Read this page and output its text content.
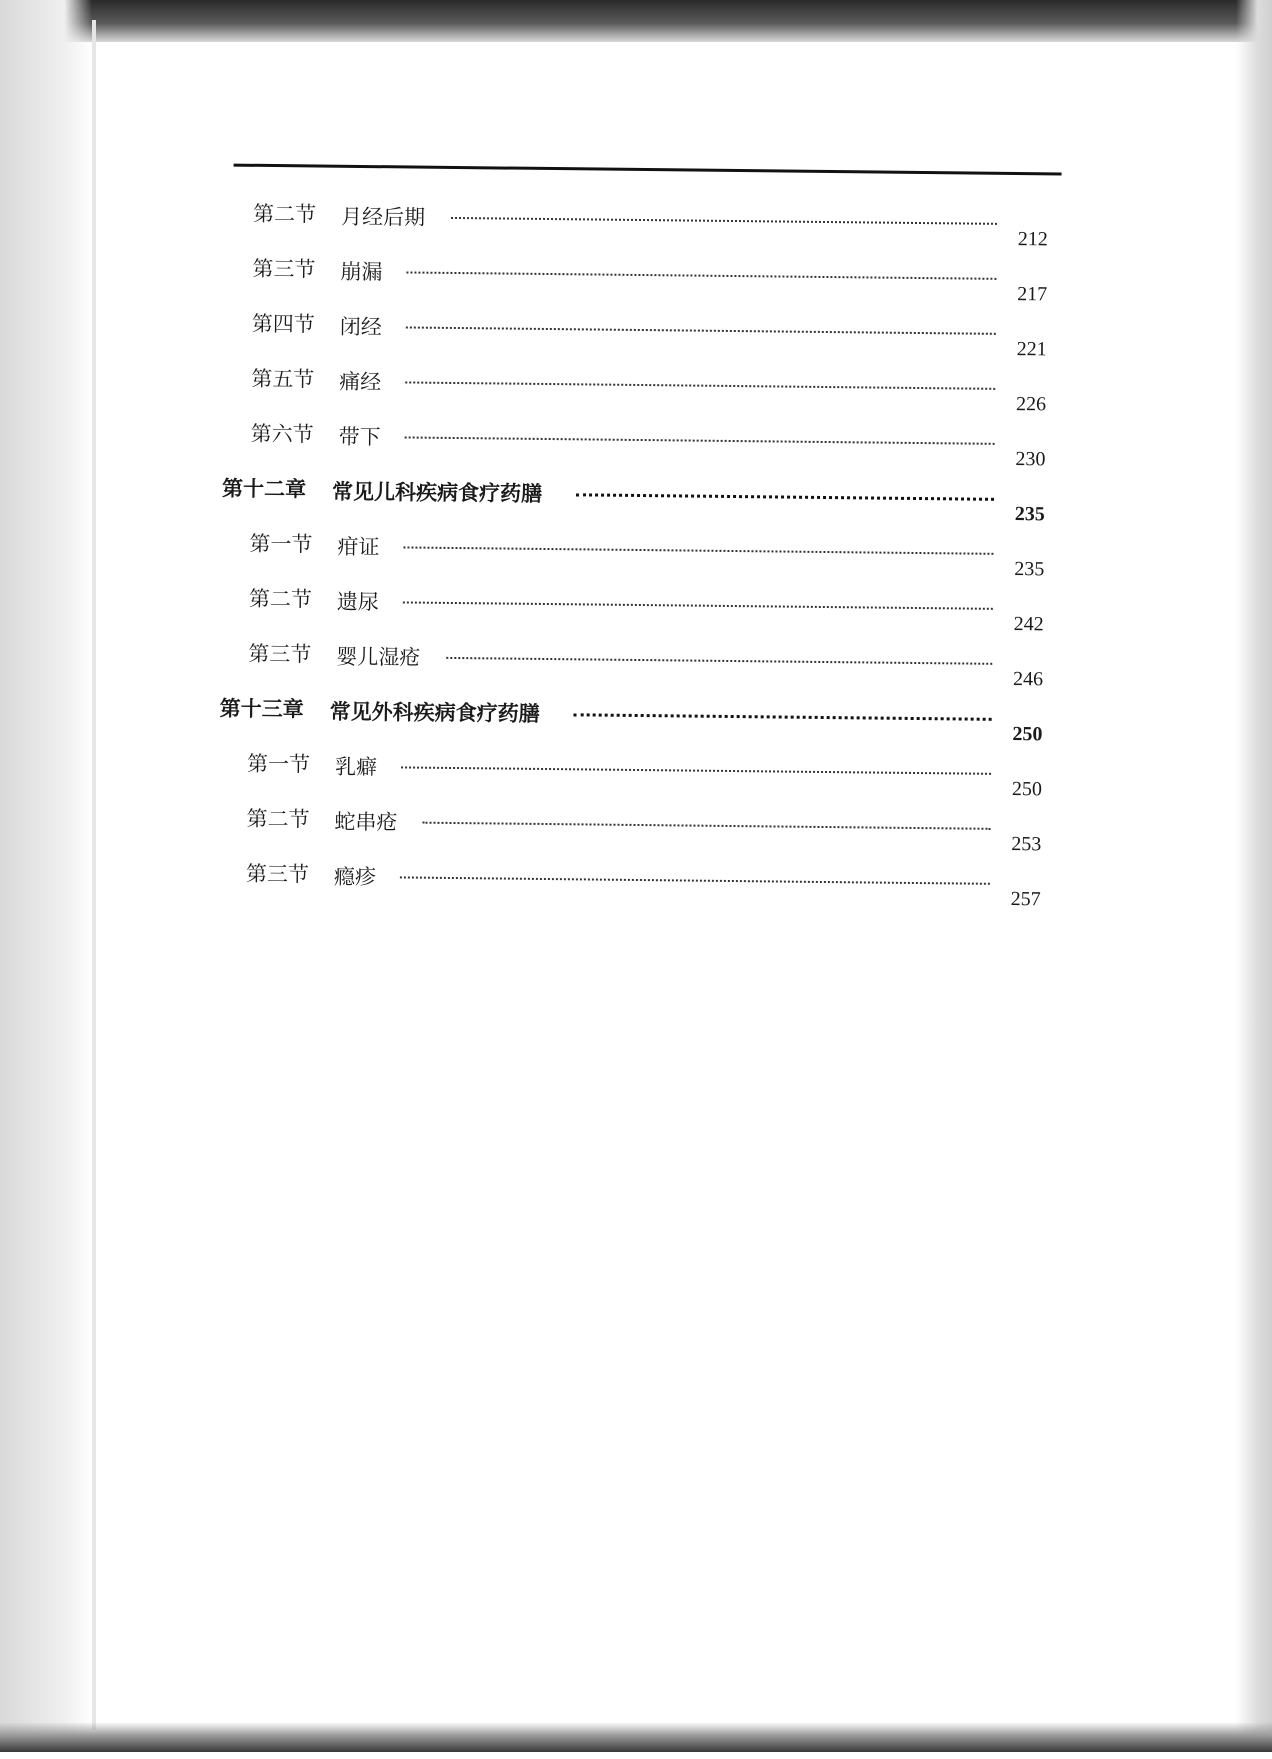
第二节 月经后期
212
第三节 崩漏
217
第四节 闭经
221
第五节 痛经
226
第六节 带下
230
第十二章 常见儿科疾病食疗药膳
235
第一节 疳证
235
第二节 遗尿
242
第三节 婴儿湿疮
246
第十三章 常见外科疾病食疗药膳
250
第一节 乳癖
250
第二节 蛇串疮
253
第三节 瘾疹
257
